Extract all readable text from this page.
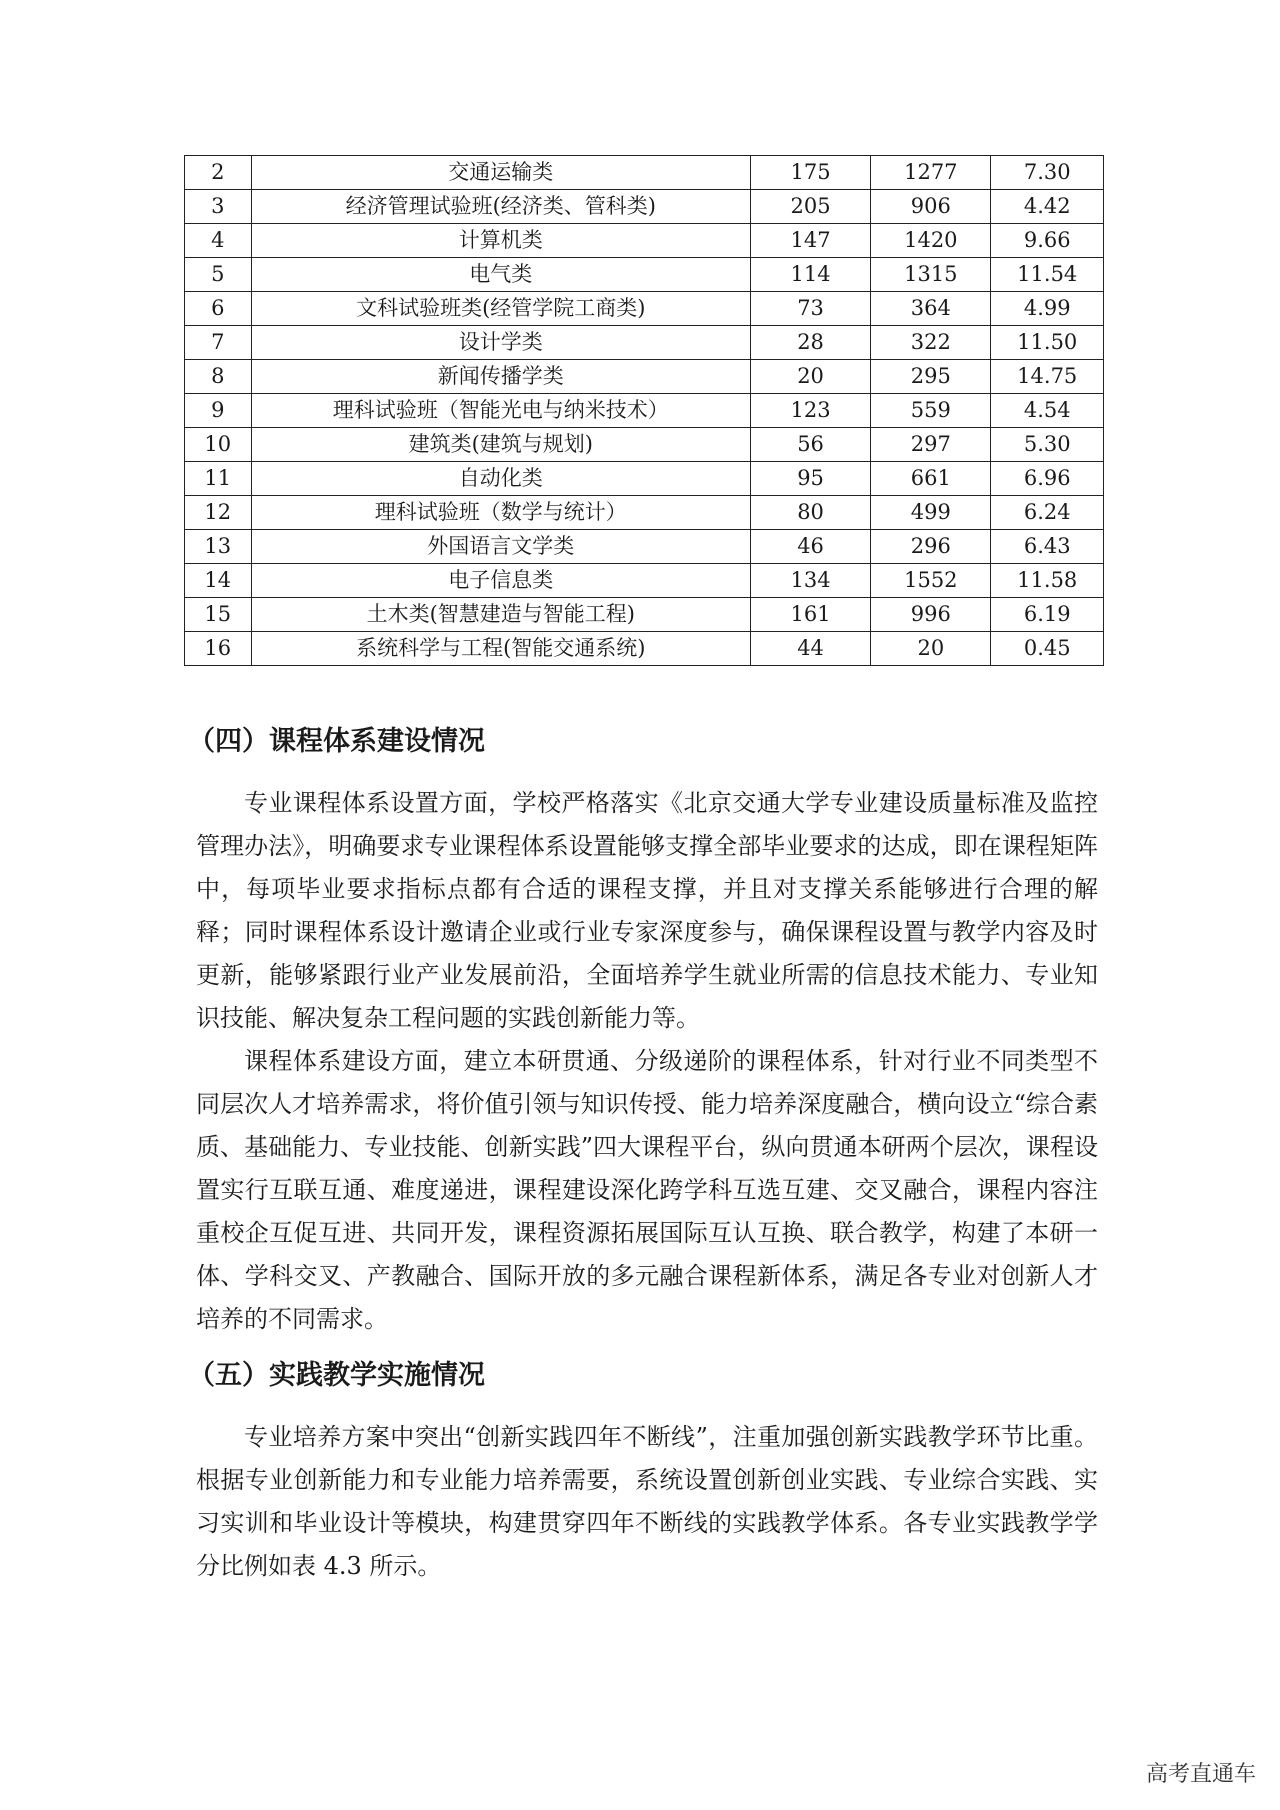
2	交通运输类	175	1277	7.30
3	经济管理试验班(经济类、管科类)	205	906	4.42
4	计算机类	147	1420	9.66
5	电气类	114	1315	11.54
6	文科试验班类(经管学院工商类)	73	364	4.99
7	设计学类	28	322	11.50
8	新闻传播学类	20	295	14.75
9	理科试验班（智能光电与纳米技术）	123	559	4.54
10	建筑类(建筑与规划)	56	297	5.30
11	自动化类	95	661	6.96
12	理科试验班（数学与统计）	80	499	6.24
13	外国语言文学类	46	296	6.43
14	电子信息类	134	1552	11.58
15	土木类(智慧建造与智能工程)	161	996	6.19
16	系统科学与工程(智能交通系统)	44	20	0.45
（四）课程体系建设情况

专业课程体系设置方面，学校严格落实《北京交通大学专业建设质量标准及监控管理办法》，明确要求专业课程体系设置能够支撑全部毕业要求的达成，即在课程矩阵中，每项毕业要求指标点都有合适的课程支撑，并且对支撑关系能够进行合理的解释；同时课程体系设计邀请企业或行业专家深度参与，确保课程设置与教学内容及时更新，能够紧跟行业产业发展前沿，全面培养学生就业所需的信息技术能力、专业知识技能、解决复杂工程问题的实践创新能力等。

课程体系建设方面，建立本研贯通、分级递阶的课程体系，针对行业不同类型不同层次人才培养需求，将价值引领与知识传授、能力培养深度融合，横向设立“综合素质、基础能力、专业技能、创新实践”四大课程平台，纵向贯通本研两个层次，课程设置实行互联互通、难度递进，课程建设深化跨学科互选互建、交叉融合，课程内容注重校企互促互进、共同开发，课程资源拓展国际互认互换、联合教学，构建了本研一体、学科交叉、产教融合、国际开放的多元融合课程新体系，满足各专业对创新人才培养的不同需求。

（五）实践教学实施情况

专业培养方案中突出“创新实践四年不断线”，注重加强创新实践教学环节比重。根据专业创新能力和专业能力培养需要，系统设置创新创业实践、专业综合实践、实习实训和毕业设计等模块，构建贯穿四年不断线的实践教学体系。各专业实践教学学分比例如表 4.3 所示。

高考直通车
